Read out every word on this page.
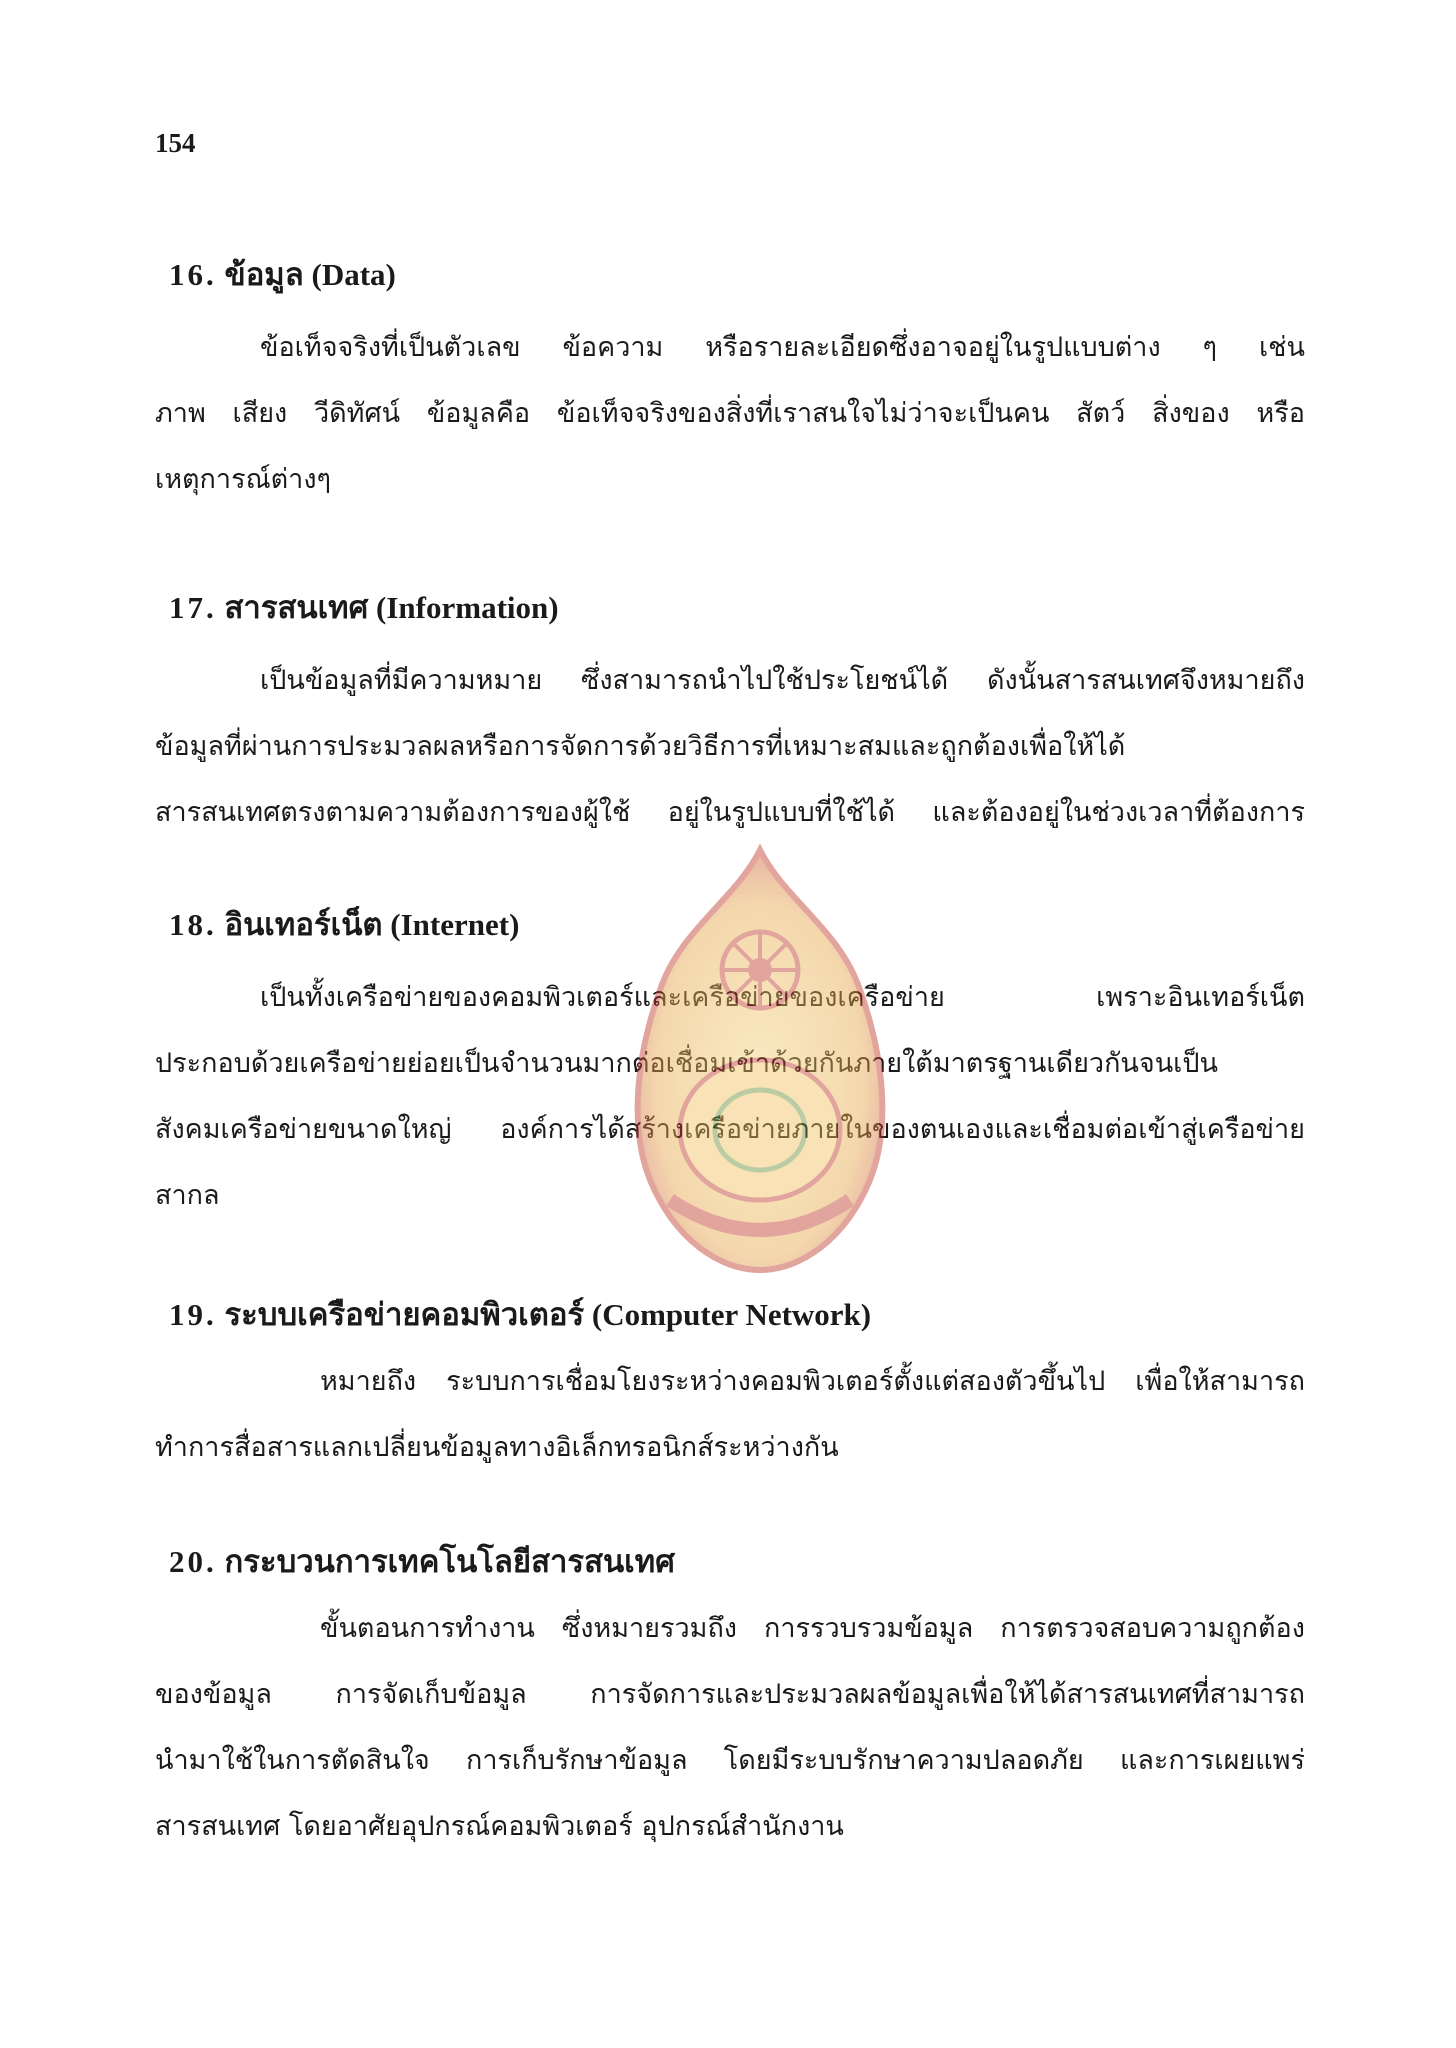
154
16. ข้อมูล (Data)
ข้อเท็จจริงที่เป็นตัวเลข ข้อความ หรือรายละเอียดซึ่งอาจอยู่ในรูปแบบต่าง ๆ เช่น
ภาพ เสียง วีดิทัศน์ ข้อมูลคือ ข้อเท็จจริงของสิ่งที่เราสนใจไม่ว่าจะเป็นคน สัตว์ สิ่งของ หรือ
เหตุการณ์ต่างๆ
17. สารสนเทศ (Information)
เป็นข้อมูลที่มีความหมาย ซึ่งสามารถนำไปใช้ประโยชน์ได้ ดังนั้นสารสนเทศจึงหมายถึง
ข้อมูลที่ผ่านการประมวลผลหรือการจัดการด้วยวิธีการที่เหมาะสมและถูกต้องเพื่อให้ได้
สารสนเทศตรงตามความต้องการของผู้ใช้ อยู่ในรูปแบบที่ใช้ได้ และต้องอยู่ในช่วงเวลาที่ต้องการ
18. อินเทอร์เน็ต (Internet)
เป็นทั้งเครือข่ายของคอมพิวเตอร์และเครือข่ายของเครือข่าย	เพราะอินเทอร์เน็ต
ประกอบด้วยเครือข่ายย่อยเป็นจำนวนมากต่อเชื่อมเข้าด้วยกันภายใต้มาตรฐานเดียวกันจนเป็น
สังคมเครือข่ายขนาดใหญ่ องค์การได้สร้างเครือข่ายภายในของตนเองและเชื่อมต่อเข้าสู่เครือข่าย
สากล
19. ระบบเครือข่ายคอมพิวเตอร์ (Computer Network)
หมายถึง ระบบการเชื่อมโยงระหว่างคอมพิวเตอร์ตั้งแต่สองตัวขึ้นไป เพื่อให้สามารถ
ทำการสื่อสารแลกเปลี่ยนข้อมูลทางอิเล็กทรอนิกส์ระหว่างกัน
20. กระบวนการเทคโนโลยีสารสนเทศ
ขั้นตอนการทำงาน ซึ่งหมายรวมถึง การรวบรวมข้อมูล การตรวจสอบความถูกต้อง
ของข้อมูล การจัดเก็บข้อมูล การจัดการและประมวลผลข้อมูลเพื่อให้ได้สารสนเทศที่สามารถ
นำมาใช้ในการตัดสินใจ การเก็บรักษาข้อมูล โดยมีระบบรักษาความปลอดภัย และการเผยแพร่
สารสนเทศ โดยอาศัยอุปกรณ์คอมพิวเตอร์ อุปกรณ์สำนักงาน
